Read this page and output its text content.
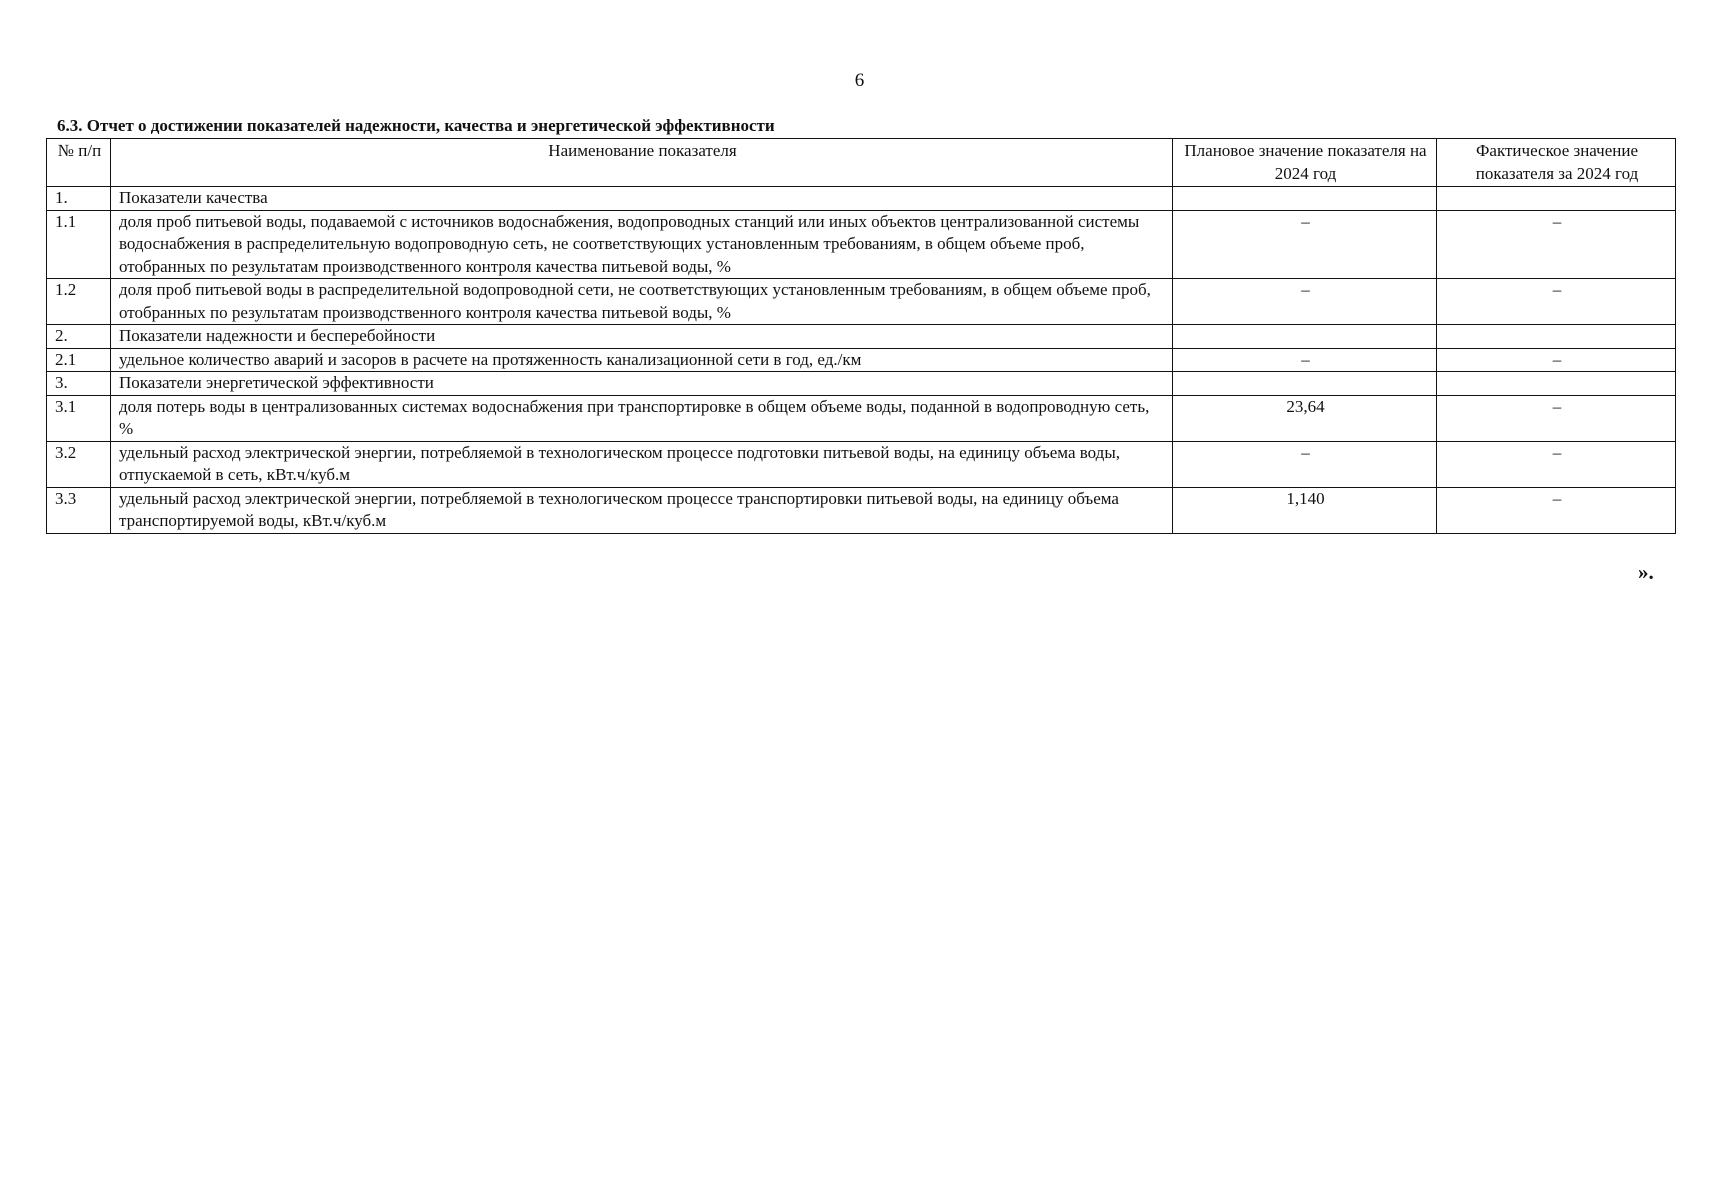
6
6.3. Отчет о достижении показателей надежности, качества и энергетической эффективности
№ п/п	Наименование показателя	Плановое значение показателя на 2024 год	Фактическое значение показателя за 2024 год
1.	Показатели качества		
1.1	доля проб питьевой воды, подаваемой с источников водоснабжения, водопроводных станций или иных объектов централизованной системы водоснабжения в распределительную водопроводную сеть, не соответствующих установленным требованиям, в общем объеме проб, отобранных по результатам производственного контроля качества питьевой воды, %	–	–
1.2	доля проб питьевой воды в распределительной водопроводной сети, не соответствующих установленным требованиям, в общем объеме проб, отобранных по результатам производственного контроля качества питьевой воды, %	–	–
2.	Показатели надежности и бесперебойности		
2.1	удельное количество аварий и засоров в расчете на протяженность канализационной сети в год, ед./км	–	–
3.	Показатели энергетической эффективности		
3.1	доля потерь воды в централизованных системах водоснабжения при транспортировке в общем объеме воды, поданной в водопроводную сеть, %	23,64	–
3.2	удельный расход электрической энергии, потребляемой в технологическом процессе подготовки питьевой воды, на единицу объема воды, отпускаемой в сеть, кВт.ч/куб.м	–	–
3.3	удельный расход электрической энергии, потребляемой в технологическом процессе транспортировки питьевой воды, на единицу объема транспортируемой воды, кВт.ч/куб.м	1,140	–
».
